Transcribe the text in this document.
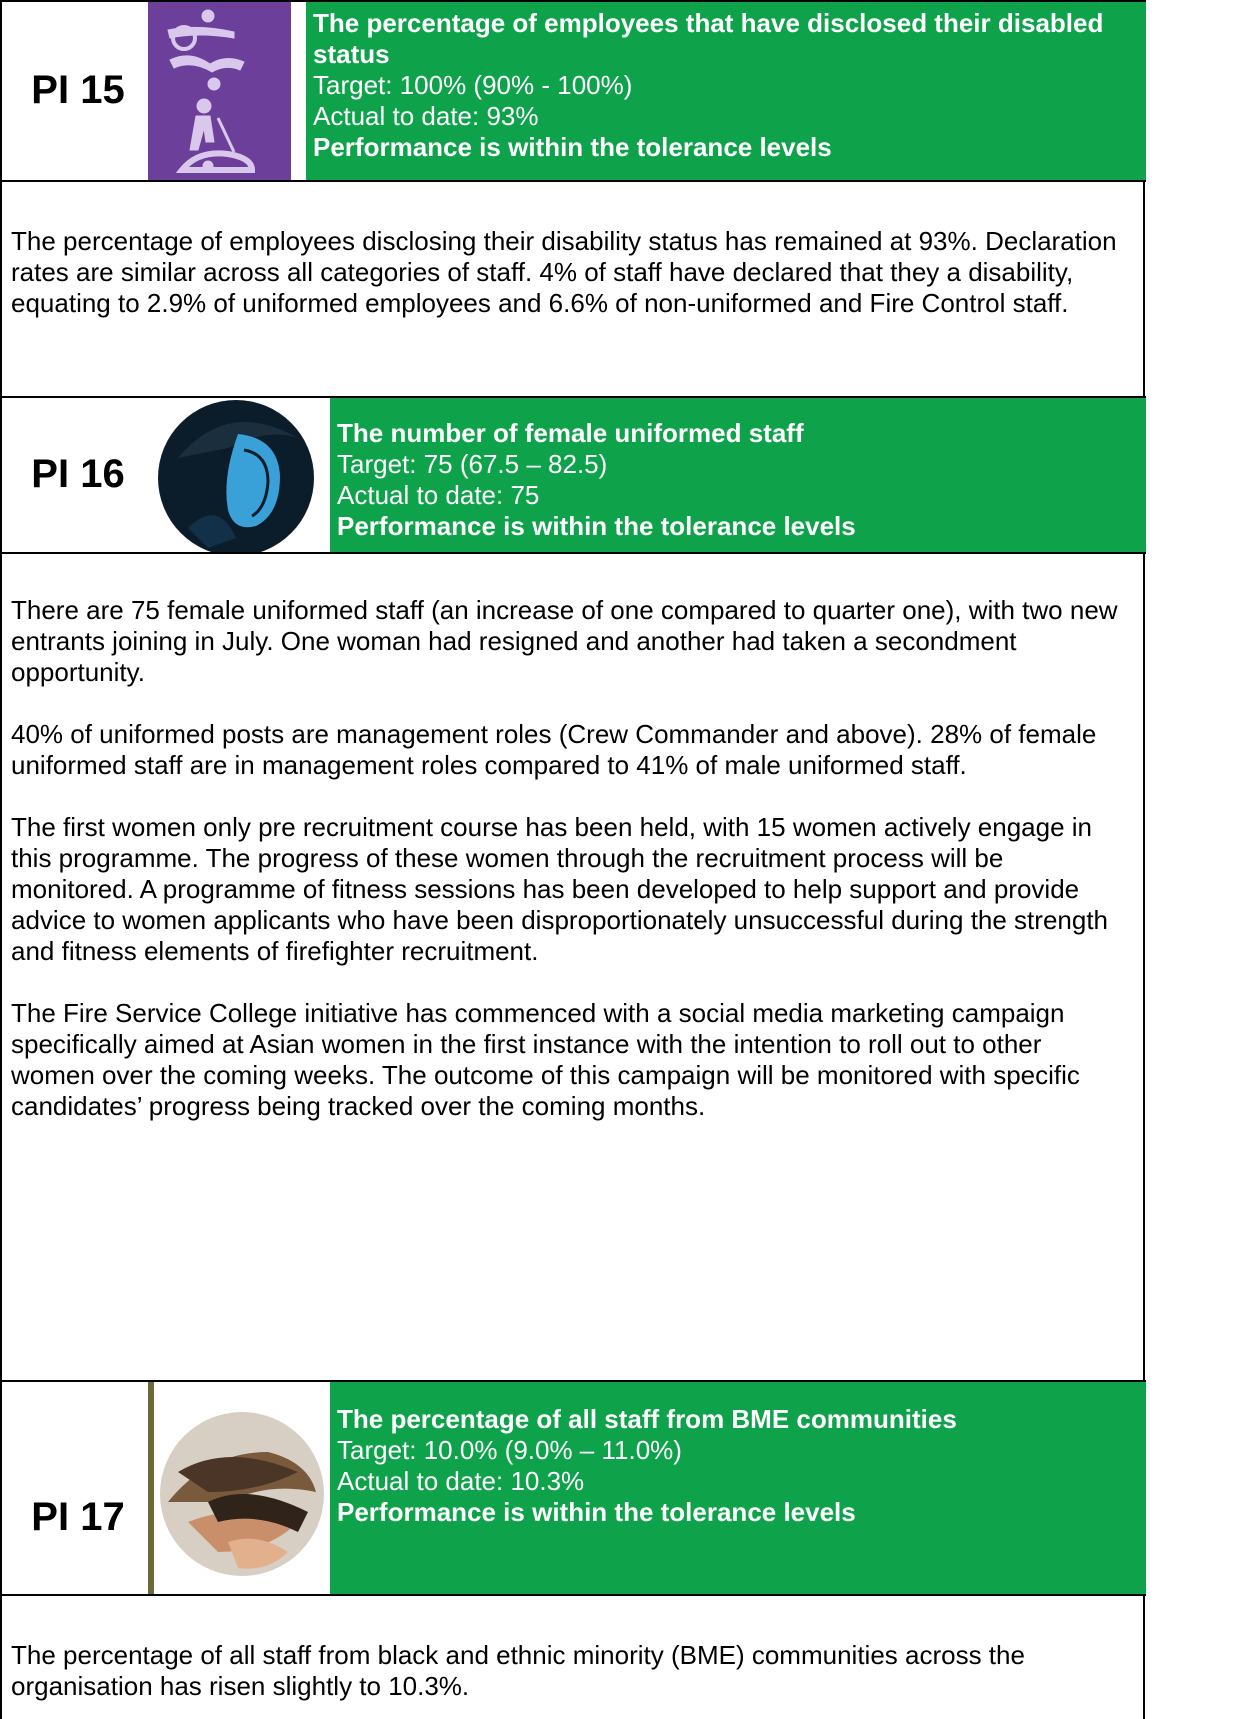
PI 15
The percentage of employees that have disclosed their disabled status
Target: 100% (90% - 100%)
Actual to date: 93%
Performance is within the tolerance levels

The percentage of employees disclosing their disability status has remained at 93%. Declaration rates are similar across all categories of staff. 4% of staff have declared that they a disability, equating to 2.9% of uniformed employees and 6.6% of non-uniformed and Fire Control staff.

PI 16
The number of female uniformed staff
Target: 75 (67.5 – 82.5)
Actual to date: 75
Performance is within the tolerance levels

There are 75 female uniformed staff (an increase of one compared to quarter one), with two new entrants joining in July. One woman had resigned and another had taken a secondment opportunity.

40% of uniformed posts are management roles (Crew Commander and above). 28% of female uniformed staff are in management roles compared to 41% of male uniformed staff.

The first women only pre recruitment course has been held, with 15 women actively engage in this programme. The progress of these women through the recruitment process will be monitored. A programme of fitness sessions has been developed to help support and provide advice to women applicants who have been disproportionately unsuccessful during the strength and fitness elements of firefighter recruitment.

The Fire Service College initiative has commenced with a social media marketing campaign specifically aimed at Asian women in the first instance with the intention to roll out to other women over the coming weeks. The outcome of this campaign will be monitored with specific candidates’ progress being tracked over the coming months.

PI 17
The percentage of all staff from BME communities
Target: 10.0% (9.0% – 11.0%)
Actual to date: 10.3%
Performance is within the tolerance levels

The percentage of all staff from black and ethnic minority (BME) communities across the organisation has risen slightly to 10.3%.
